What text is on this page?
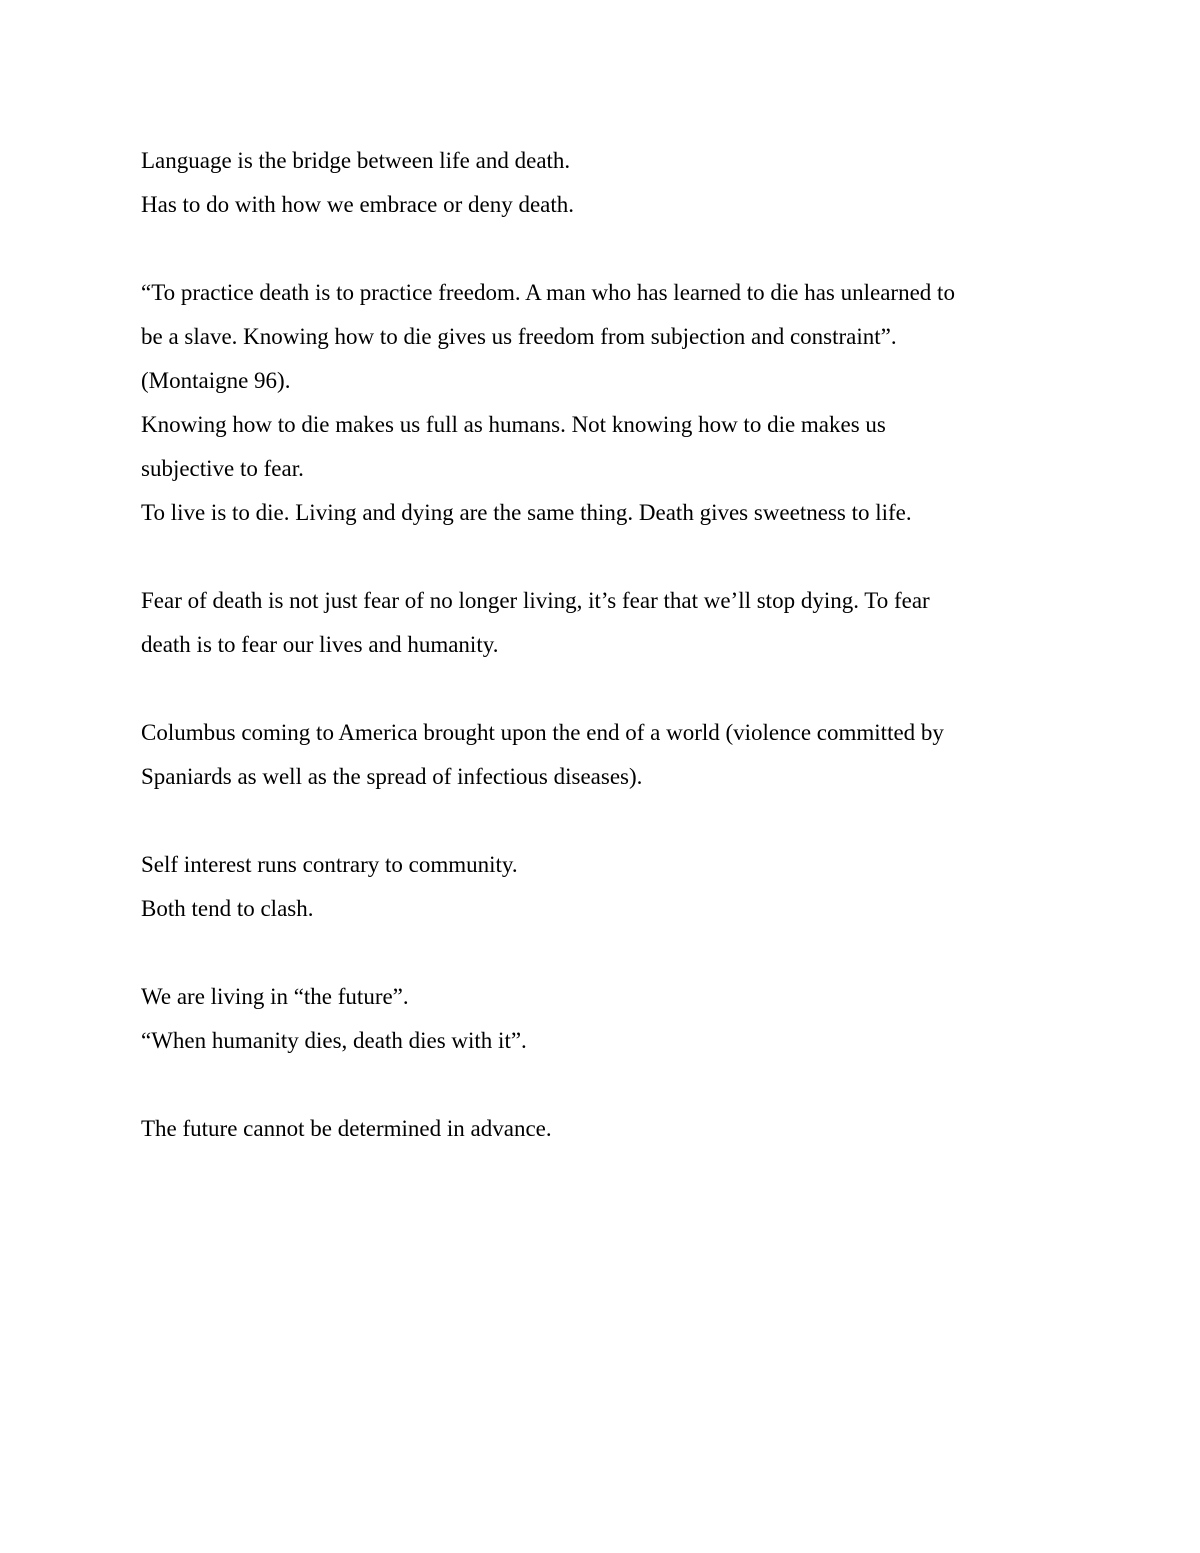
Language is the bridge between life and death.
Has to do with how we embrace or deny death.
“To practice death is to practice freedom. A man who has learned to die has unlearned to
be a slave. Knowing how to die gives us freedom from subjection and constraint”.
(Montaigne 96).
Knowing how to die makes us full as humans. Not knowing how to die makes us
subjective to fear.
To live is to die. Living and dying are the same thing. Death gives sweetness to life.
Fear of death is not just fear of no longer living, it’s fear that we’ll stop dying. To fear
death is to fear our lives and humanity.
Columbus coming to America brought upon the end of a world (violence committed by
Spaniards as well as the spread of infectious diseases).
Self interest runs contrary to community.
Both tend to clash.
We are living in “the future”.
“When humanity dies, death dies with it”.
The future cannot be determined in advance.
